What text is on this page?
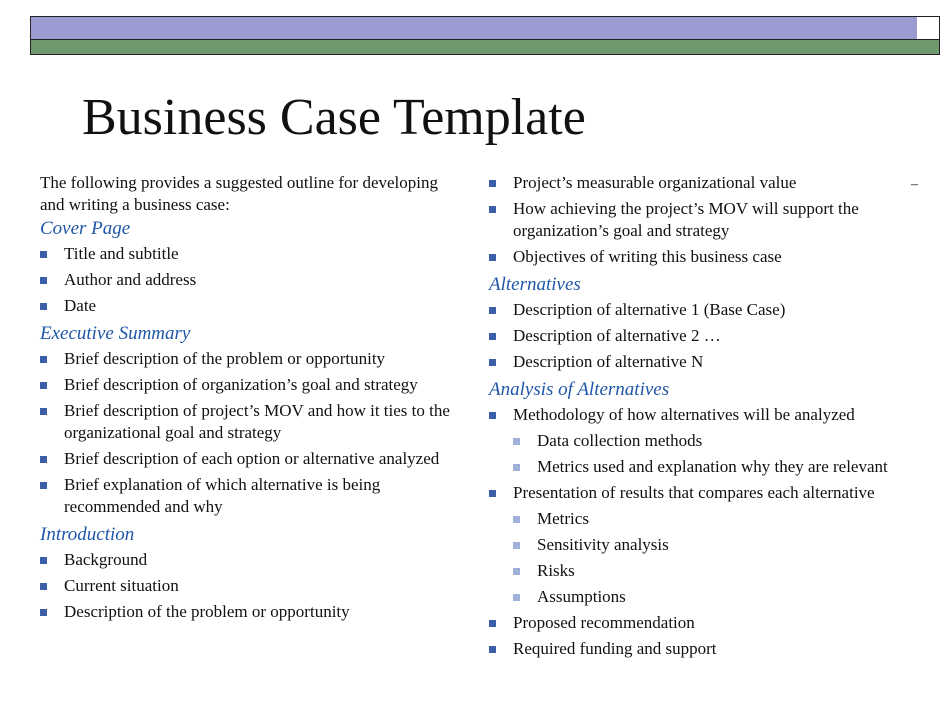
Business Case Template
The following provides a suggested outline for developing and writing a business case:
Cover Page
Title and subtitle
Author and address
Date
Executive Summary
Brief description of the problem or opportunity
Brief description of organization’s goal and strategy
Brief description of project’s MOV and how it ties to the organizational goal and strategy
Brief description of each option or alternative analyzed
Brief explanation of which alternative is being recommended and why
Introduction
Background
Current situation
Description of the problem or opportunity
Project’s measurable organizational value
How achieving the project’s MOV will support the organization’s goal and strategy
Objectives of writing this business case
Alternatives
Description of alternative 1 (Base Case)
Description of alternative 2 …
Description of alternative N
Analysis of Alternatives
Methodology of how alternatives will be analyzed
Data collection methods
Metrics used and explanation why they are relevant
Presentation of results that compares each alternative
Metrics
Sensitivity analysis
Risks
Assumptions
Proposed recommendation
Required funding and support
–
